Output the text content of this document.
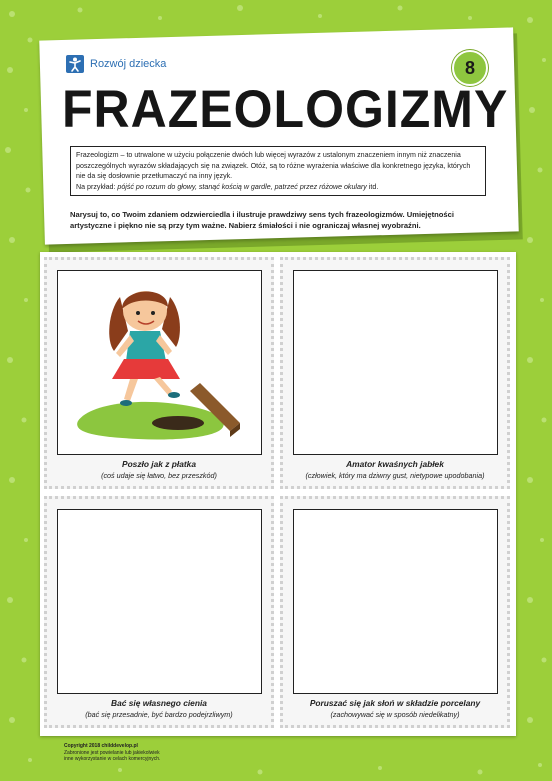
Rozwój dziecka	8
FRAZEOLOGIZMY

Frazeologizm – to utrwalone w użyciu połączenie dwóch lub więcej wyrazów z ustalonym znaczeniem innym niż znaczenia poszczególnych wyrazów składających się na związek. Otóż, są to różne wyrażenia właściwe dla konkretnego języka, których nie da się dosłownie przetłumaczyć na inny język.

Na przykład: pójść po rozum do głowy, stanąć kością w gardle, patrzeć przez różowe okulary itd.

Narysuj to, co Twoim zdaniem odzwierciedla i ilustruje prawdziwy sens tych frazeologizmów. Umiejętności artystyczne i piękno nie są przy tym ważne. Nabierz śmiałości i nie ograniczaj własnej wyobraźni.
Poszło jak z płatka
(coś udaje się łatwo, bez przeszkód)
Amator kwaśnych jabłek
(człowiek, który ma dziwny gust, nietypowe upodobania)
Bać się własnego cienia
(bać się przesadnie, być bardzo podejrzliwym)
Poruszać się jak słoń w składzie porcelany
(zachowywać się w sposób niedelikatny)
Copyright 2018 childdevelop.pl
Zabronione jest powielanie lub jakiekolwiek
inne wykorzystanie w celach komercyjnych.
